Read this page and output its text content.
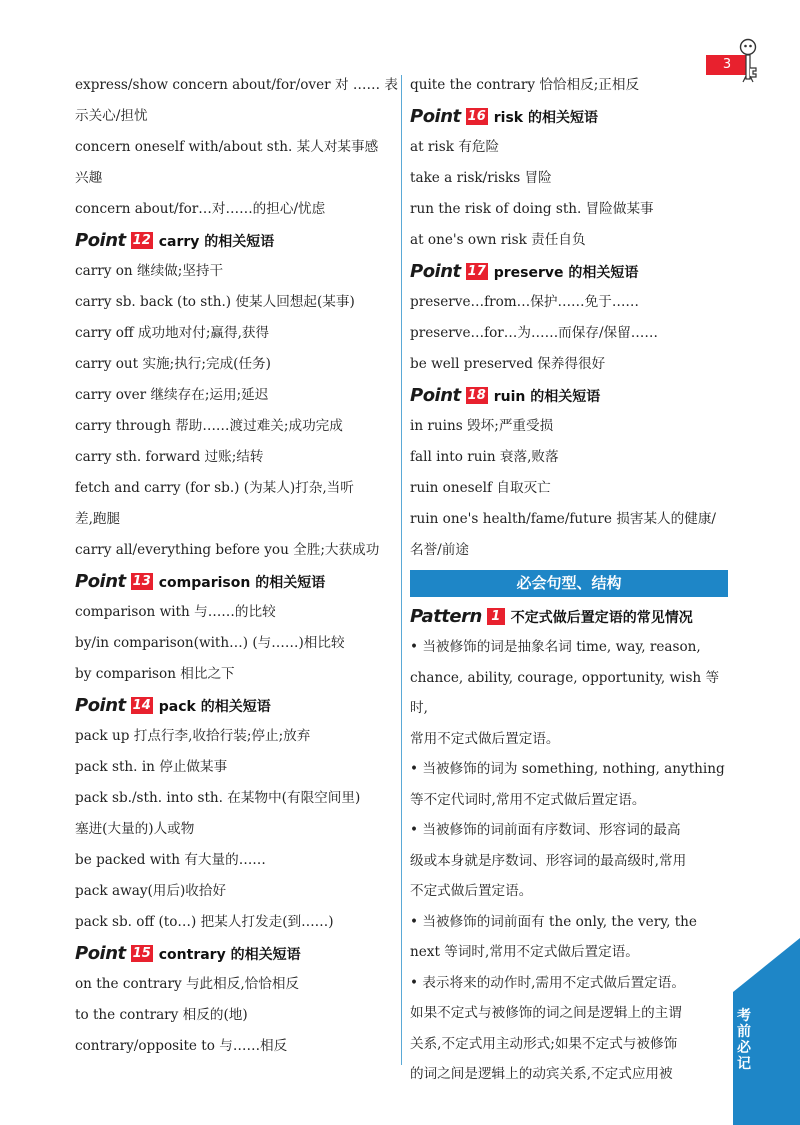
express/show concern about/for/over 对 …… 表
示关心/担忧
concern oneself with/about sth. 某人对某事感
兴趣
concern about/for…对……的担心/忧虑
Point 12 carry 的相关短语
carry on 继续做;坚持干
carry sb. back (to sth.) 使某人回想起(某事)
carry off 成功地对付;赢得,获得
carry out 实施;执行;完成(任务)
carry over 继续存在;运用;延迟
carry through 帮助……渡过难关;成功完成
carry sth. forward 过账;结转
fetch and carry (for sb.) (为某人)打杂,当听
差,跑腿
carry all/everything before you 全胜;大获成功
Point 13 comparison 的相关短语
comparison with 与……的比较
by/in comparison(with…) (与……)相比较
by comparison 相比之下
Point 14 pack 的相关短语
pack up 打点行李,收拾行装;停止;放弃
pack sth. in 停止做某事
pack sb./sth. into sth. 在某物中(有限空间里)
塞进(大量的)人或物
be packed with 有大量的……
pack away(用后)收拾好
pack sb. off (to…) 把某人打发走(到……)
Point 15 contrary 的相关短语
on the contrary 与此相反,恰恰相反
to the contrary 相反的(地)
contrary/opposite to 与……相反
quite the contrary 恰恰相反;正相反
Point 16 risk 的相关短语
at risk 有危险
take a risk/risks 冒险
run the risk of doing sth. 冒险做某事
at one's own risk 责任自负
Point 17 preserve 的相关短语
preserve…from…保护……免于……
preserve…for…为……而保存/保留……
be well preserved 保养得很好
Point 18 ruin 的相关短语
in ruins 毁坏;严重受损
fall into ruin 衰落,败落
ruin oneself 自取灭亡
ruin one's health/fame/future 损害某人的健康/
名誉/前途
必会句型、结构
Pattern 1 不定式做后置定语的常见情况
• 当被修饰的词是抽象名词 time, way, reason,
chance, ability, courage, opportunity, wish 等时,
常用不定式做后置定语。
• 当被修饰的词为 something, nothing, anything
等不定代词时,常用不定式做后置定语。
• 当被修饰的词前面有序数词、形容词的最高
级或本身就是序数词、形容词的最高级时,常用
不定式做后置定语。
• 当被修饰的词前面有 the only, the very, the
next 等词时,常用不定式做后置定语。
• 表示将来的动作时,需用不定式做后置定语。
如果不定式与被修饰的词之间是逻辑上的主谓
关系,不定式用主动形式;如果不定式与被修饰
的词之间是逻辑上的动宾关系,不定式应用被
3
考前必记
